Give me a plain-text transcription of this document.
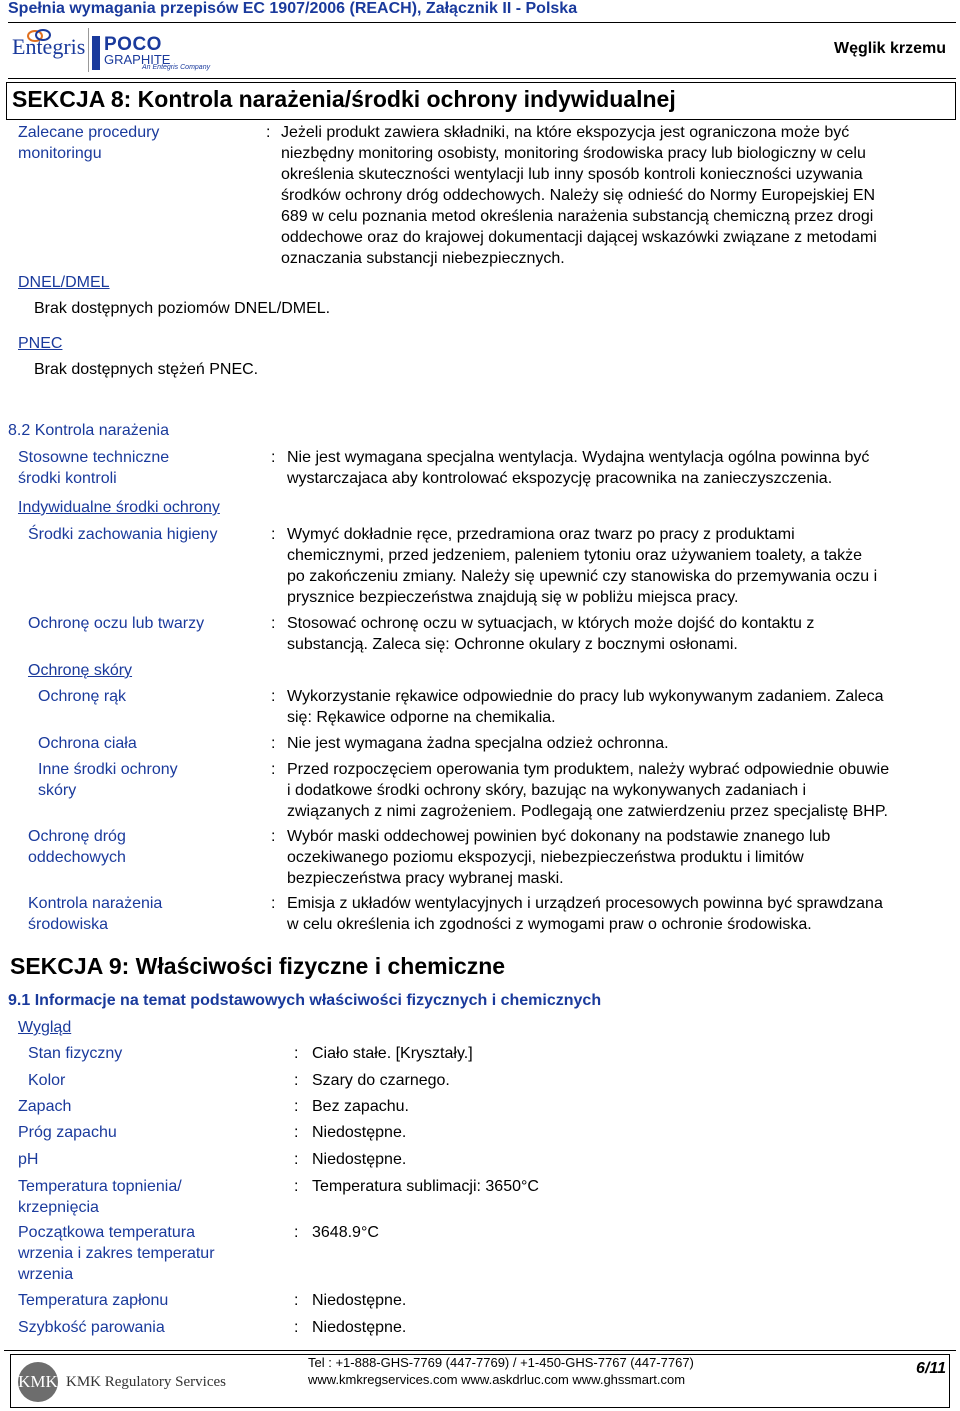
Spełnia wymagania przepisów EC 1907/2006 (REACH), Załącznik II - Polska
Entegris POCO
GRAPHITE
An Entegris Company
Węglik krzemu
SEKCJA 8: Kontrola narażenia/środki ochrony indywidualnej
Zalecane procedury
monitoringu
: Jeżeli produkt zawiera składniki, na które ekspozycja jest ograniczona może być
niezbędny monitoring osobisty, monitoring środowiska pracy lub biologiczny w celu
określenia skuteczności wentylacji lub inny sposób kontroli konieczności uzywania
środków ochrony dróg oddechowych. Należy się odnieść do Normy Europejskiej EN
689 w celu poznania metod określenia narażenia substancją chemiczną przez drogi
oddechowe oraz do krajowej dokumentacji dającej wskazówki związane z metodami
oznaczania substancji niebezpiecznych.
DNEL/DMEL
Brak dostępnych poziomów DNEL/DMEL.
PNEC
Brak dostępnych stężeń PNEC.
8.2 Kontrola narażenia
Stosowne techniczne
środki kontroli
: Nie jest wymagana specjalna wentylacja. Wydajna wentylacja ogólna powinna być
wystarczajaca aby kontrolować ekspozycję pracownika na zanieczyszczenia.
Indywidualne środki ochrony
Środki zachowania higieny	: Wymyć dokładnie ręce, przedramiona oraz twarz po pracy z produktami
chemicznymi, przed jedzeniem, paleniem tytoniu oraz używaniem toalety, a także
po zakończeniu zmiany. Należy się upewnić czy stanowiska do przemywania oczu i
prysznice bezpieczeństwa znajdują się w pobliżu miejsca pracy.
Ochronę oczu lub twarzy	: Stosować ochronę oczu w sytuacjach, w których może dojść do kontaktu z
substancją. Zaleca się: Ochronne okulary z bocznymi osłonami.
Ochronę skóry
Ochronę rąk	: Wykorzystanie rękawice odpowiednie do pracy lub wykonywanym zadaniem. Zaleca
się: Rękawice odporne na chemikalia.
Ochrona ciała	: Nie jest wymagana żadna specjalna odzież ochronna.
Inne środki ochrony
skóry
: Przed rozpoczęciem operowania tym produktem, należy wybrać odpowiednie obuwie
i dodatkowe środki ochrony skóry, bazując na wykonywanych zadaniach i
związanych z nimi zagrożeniem. Podlegają one zatwierdzeniu przez specjalistę BHP.
Ochronę dróg
oddechowych
: Wybór maski oddechowej powinien być dokonany na podstawie znanego lub
oczekiwanego poziomu ekspozycji, niebezpieczeństwa produktu i limitów
bezpieczeństwa pracy wybranej maski.
Kontrola narażenia
środowiska
: Emisja z układów wentylacyjnych i urządzeń procesowych powinna być sprawdzana
w celu określenia ich zgodności z wymogami praw o ochronie środowiska.
SEKCJA 9: Właściwości fizyczne i chemiczne
9.1 Informacje na temat podstawowych właściwości fizycznych i chemicznych
Wygląd
Stan fizyczny	: Ciało stałe. [Kryształy.]
Kolor	: Szary do czarnego.
Zapach	: Bez zapachu.
Próg zapachu	: Niedostępne.
pH	: Niedostępne.
Temperatura topnienia/
krzepnięcia
: Temperatura sublimacji: 3650°C
Początkowa temperatura
wrzenia i zakres temperatur
wrzenia
: 3648.9°C
Temperatura zapłonu	: Niedostępne.
Szybkość parowania	: Niedostępne.
KMK KMK Regulatory Services
Tel : +1-888-GHS-7769 (447-7769) / +1-450-GHS-7767 (447-7767)
www.kmkregservices.com www.askdrluc.com www.ghssmart.com
6/11
